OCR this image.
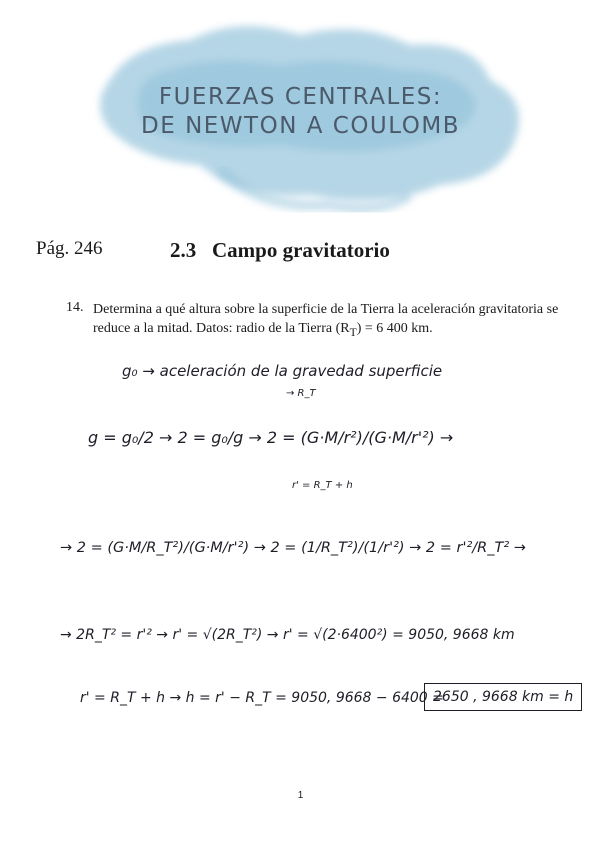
FUERZAS CENTRALES:
DE NEWTON A COULOMB
Pág. 246	2.3 Campo gravitatorio
14. Determina a qué altura sobre la superficie de la Tierra la aceleración gravitatoria se reduce a la mitad. Datos: radio de la Tierra $(R_T) = 6$ 400 km.
g₀ → aceleración de la gravedad superficie
→ R_T
g = g₀/2 → 2 = g₀/g → 2 = (G·M/r²)/(G·M/r'²) →
r' = R_T + h
→ 2 = (G·M/R_T²)/(G·M/r'²) → 2 = (1/R_T²)/(1/r'²) → 2 = r'²/R_T² →
→ 2R_T² = r'² → r' = √(2R_T²) → r' = √(2·6400²) = 9050, 9668 km
r' = R_T + h → h = r' − R_T = 9050, 9668 − 6400 =
2650 , 9668 km = h
1
